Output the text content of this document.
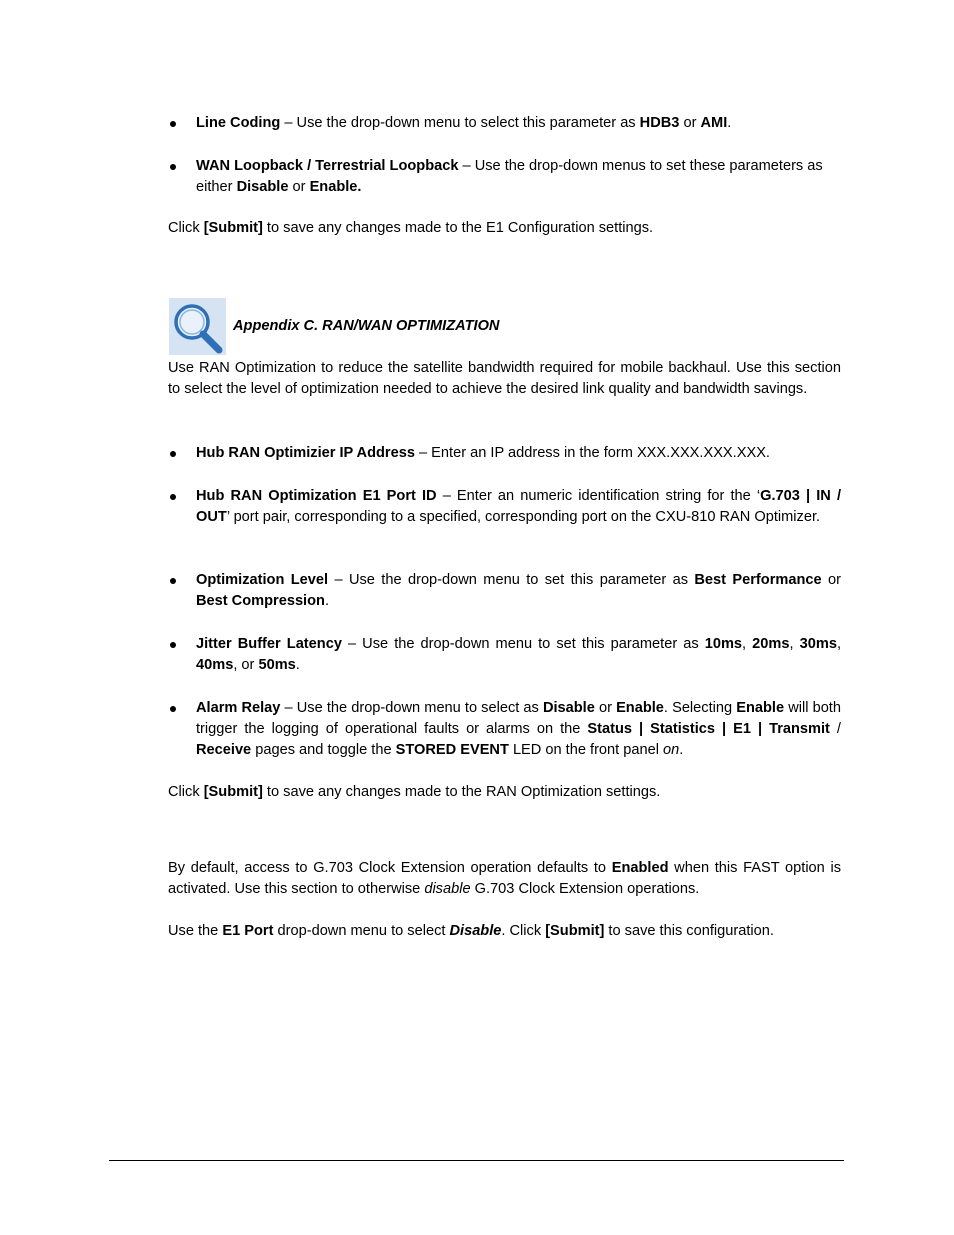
Line Coding – Use the drop-down menu to select this parameter as HDB3 or AMI.
WAN Loopback / Terrestrial Loopback – Use the drop-down menus to set these parameters as either Disable or Enable.
Click [Submit] to save any changes made to the E1 Configuration settings.
Appendix C. RAN/WAN OPTIMIZATION
Use RAN Optimization to reduce the satellite bandwidth required for mobile backhaul. Use this section to select the level of optimization needed to achieve the desired link quality and bandwidth savings.
Hub RAN Optimizier IP Address – Enter an IP address in the form XXX.XXX.XXX.XXX.
Hub RAN Optimization E1 Port ID – Enter an numeric identification string for the ‘G.703 | IN / OUT’ port pair, corresponding to a specified, corresponding port on the CXU-810 RAN Optimizer.
Optimization Level – Use the drop-down menu to set this parameter as Best Performance or Best Compression.
Jitter Buffer Latency – Use the drop-down menu to set this parameter as 10ms, 20ms, 30ms, 40ms, or 50ms.
Alarm Relay – Use the drop-down menu to select as Disable or Enable. Selecting Enable will both trigger the logging of operational faults or alarms on the Status | Statistics | E1 | Transmit / Receive pages and toggle the STORED EVENT LED on the front panel on.
Click [Submit] to save any changes made to the RAN Optimization settings.
By default, access to G.703 Clock Extension operation defaults to Enabled when this FAST option is activated. Use this section to otherwise disable G.703 Clock Extension operations.
Use the E1 Port drop-down menu to select Disable. Click [Submit] to save this configuration.
